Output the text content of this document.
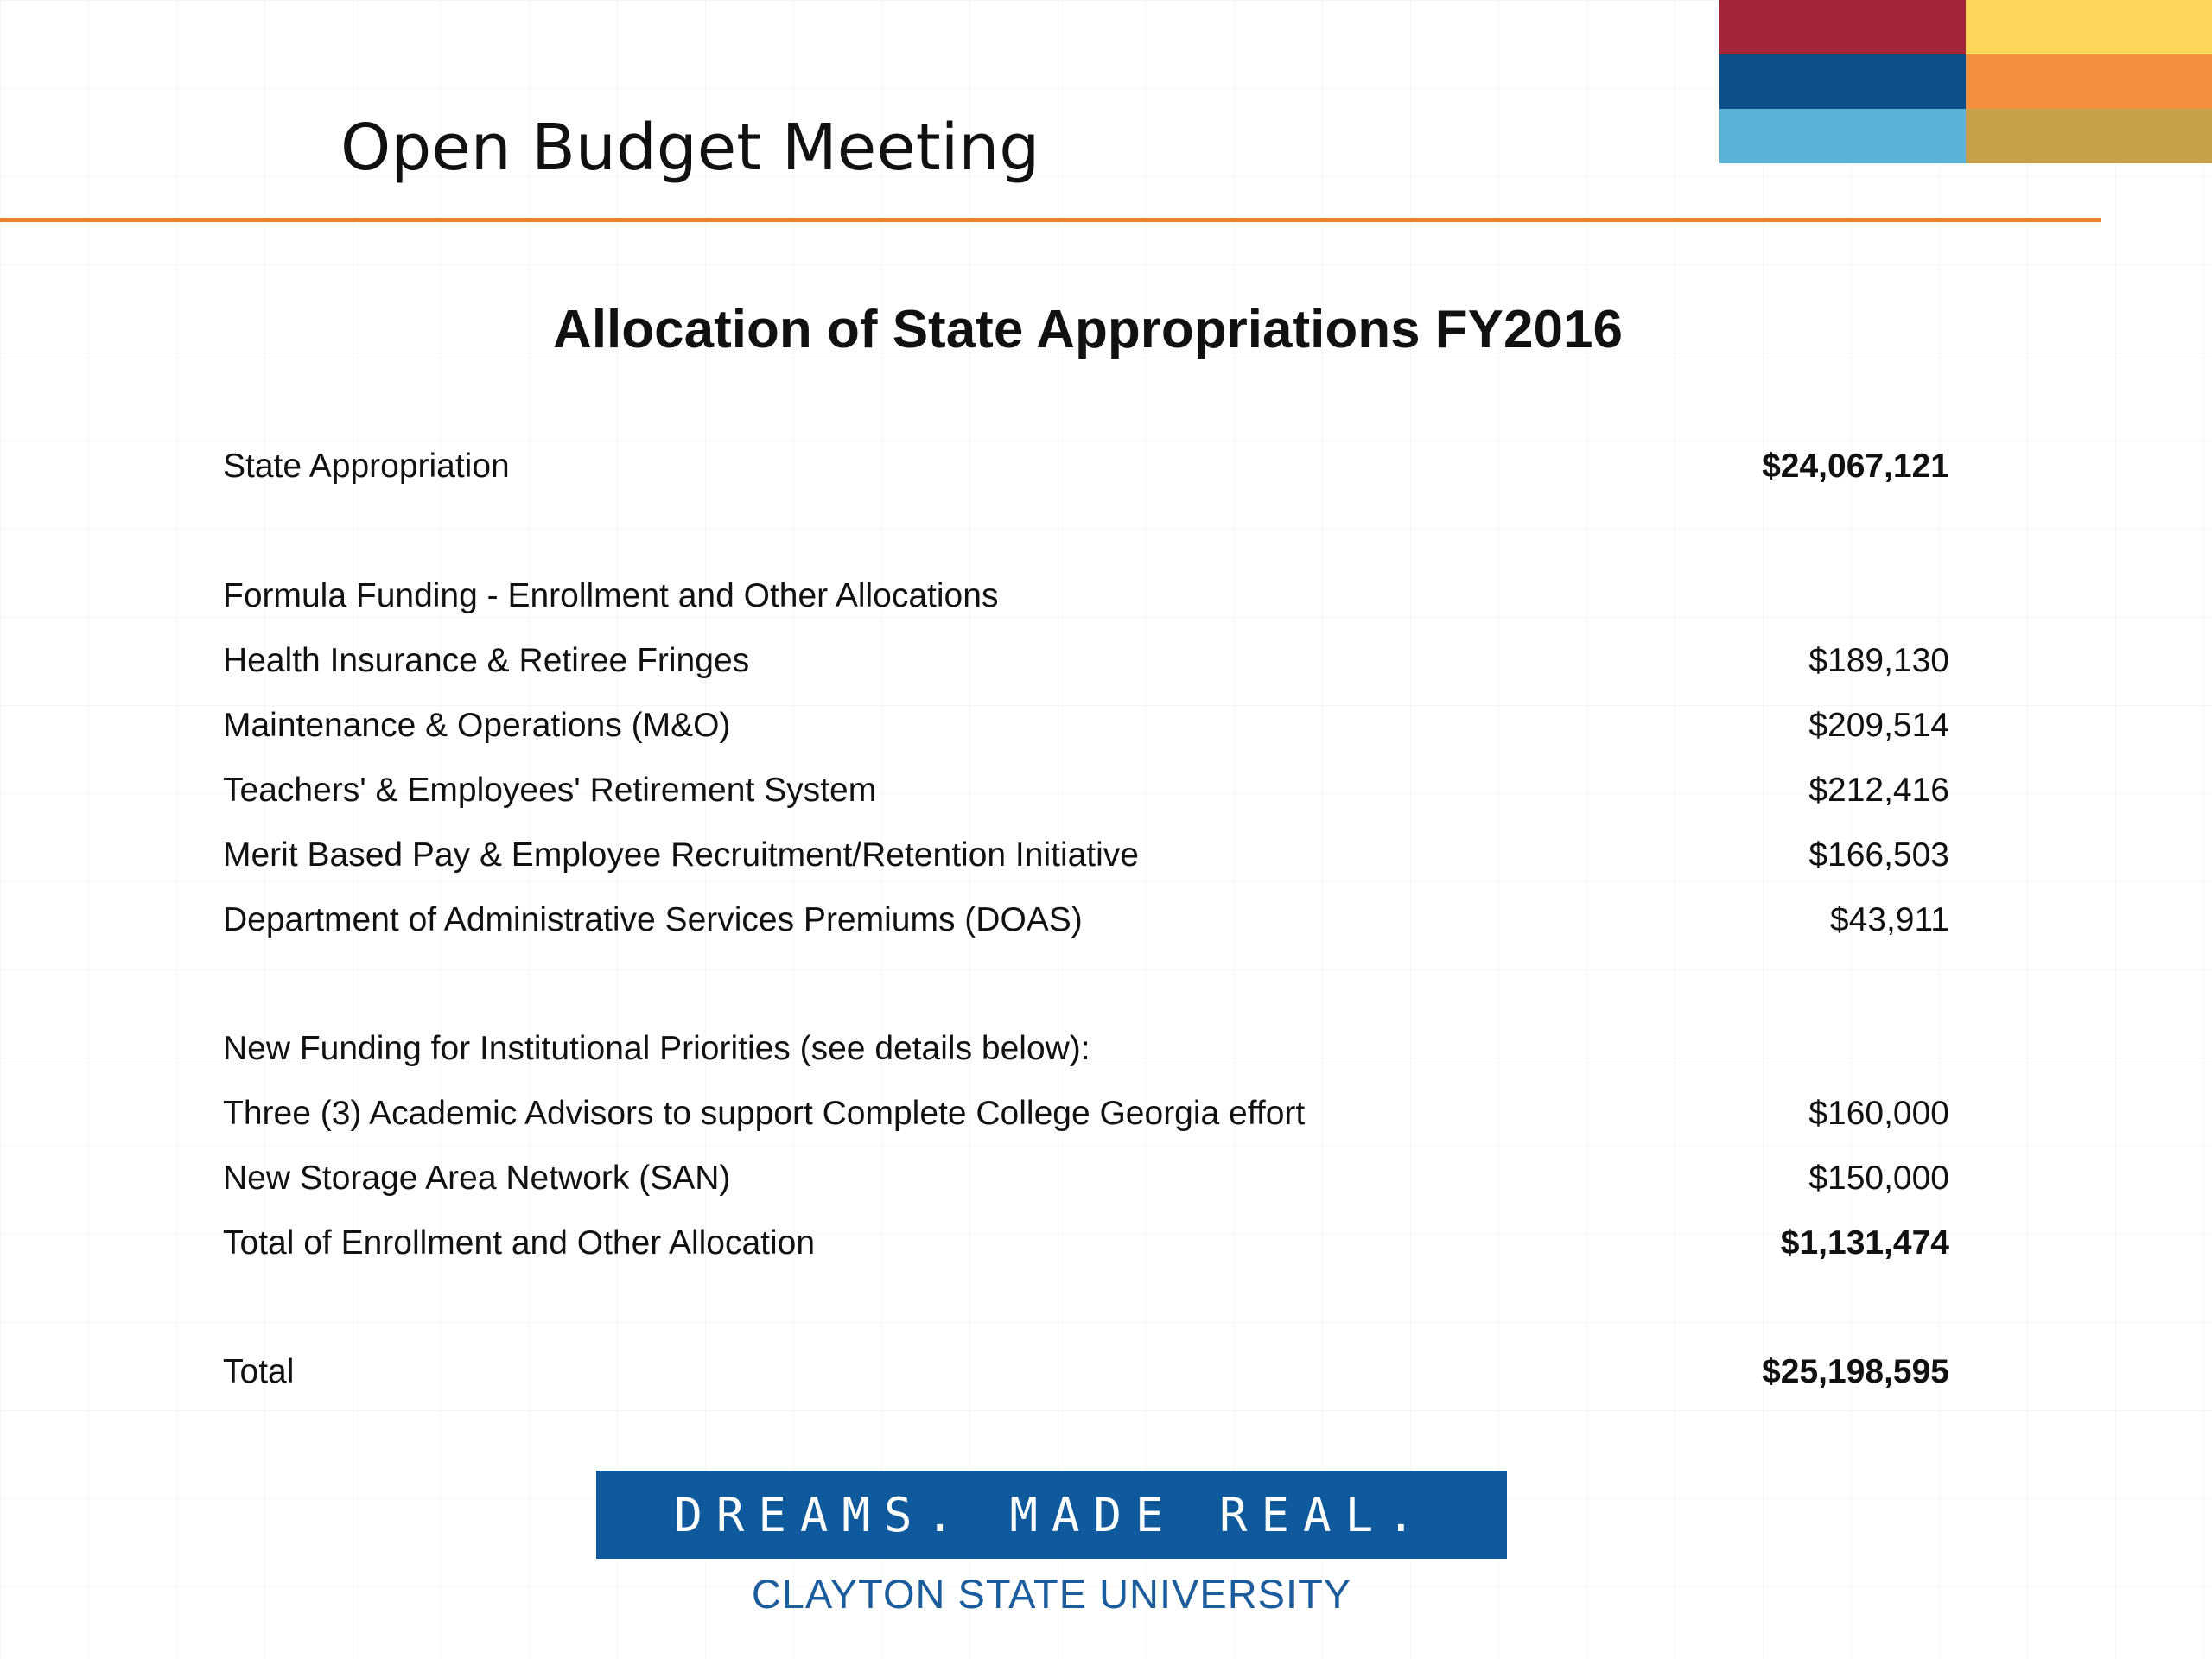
Open Budget Meeting
Allocation of State Appropriations FY2016
State Appropriation	$24,067,121
Formula Funding - Enrollment and Other Allocations
Health Insurance & Retiree Fringes	$189,130
Maintenance & Operations (M&O)	$209,514
Teachers' & Employees' Retirement System	$212,416
Merit Based Pay & Employee Recruitment/Retention Initiative	$166,503
Department of Administrative Services Premiums (DOAS)	$43,911
New Funding for Institutional Priorities (see details below):
Three (3) Academic Advisors to support Complete College Georgia effort	$160,000
New Storage Area Network (SAN)	$150,000
Total of Enrollment and Other Allocation	$1,131,474
Total	$25,198,595
DREAMS. MADE REAL.
CLAYTON STATE UNIVERSITY
